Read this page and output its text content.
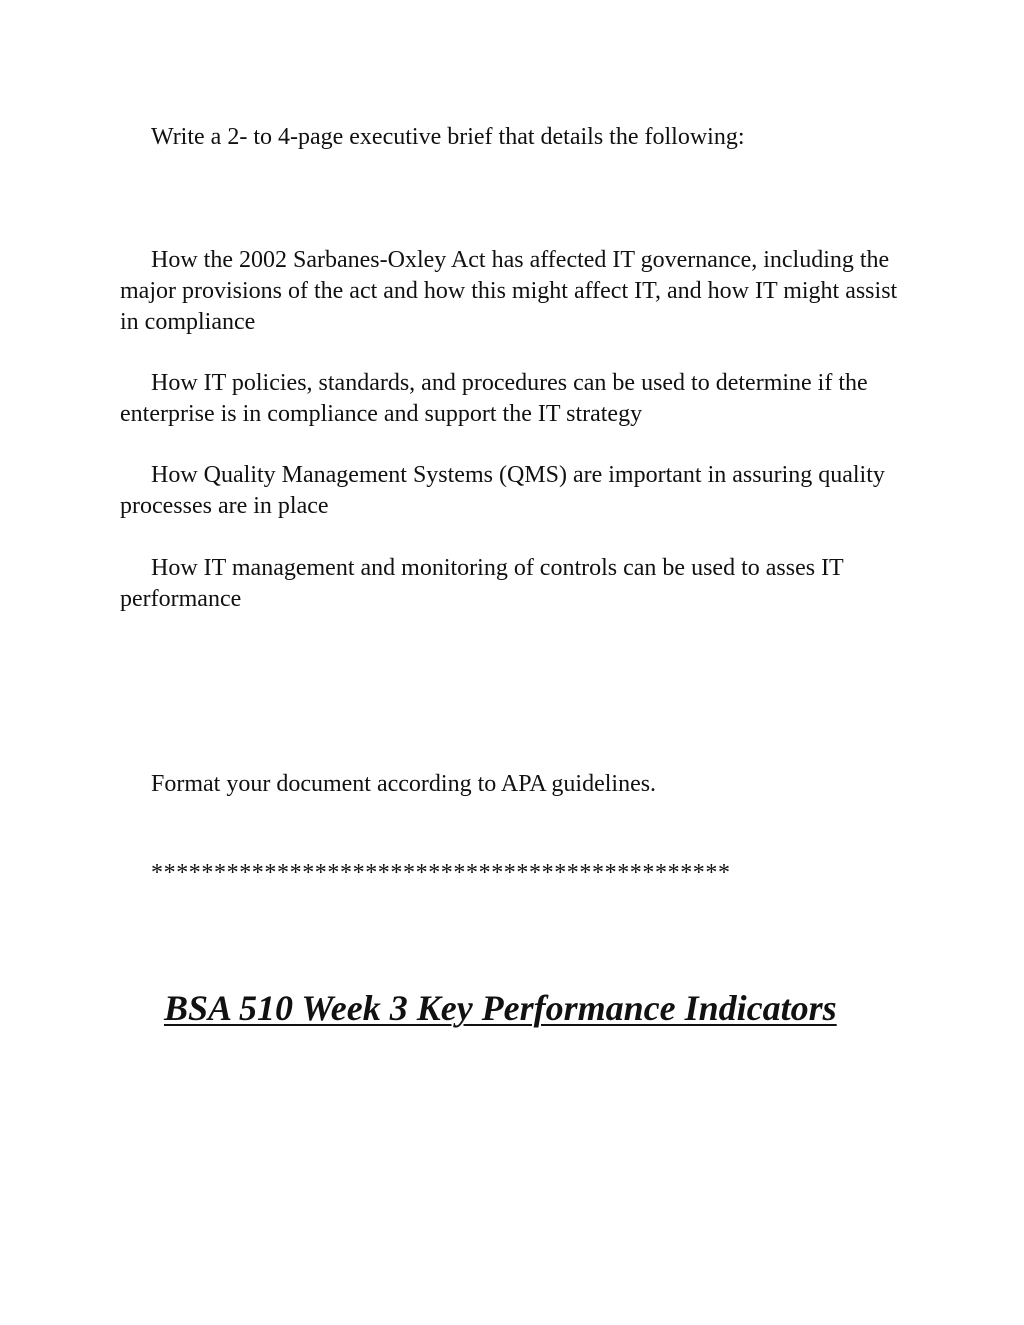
Write a 2- to 4-page executive brief that details the following:

How the 2002 Sarbanes-Oxley Act has affected IT governance, including the major provisions of the act and how this might affect IT, and how IT might assist in compliance

How IT policies, standards, and procedures can be used to determine if the enterprise is in compliance and support the IT strategy

How Quality Management Systems (QMS) are important in assuring quality processes are in place

How IT management and monitoring of controls can be used to asses IT performance

Format your document according to APA guidelines.
**********************************************
BSA 510 Week 3 Key Performance Indicators
